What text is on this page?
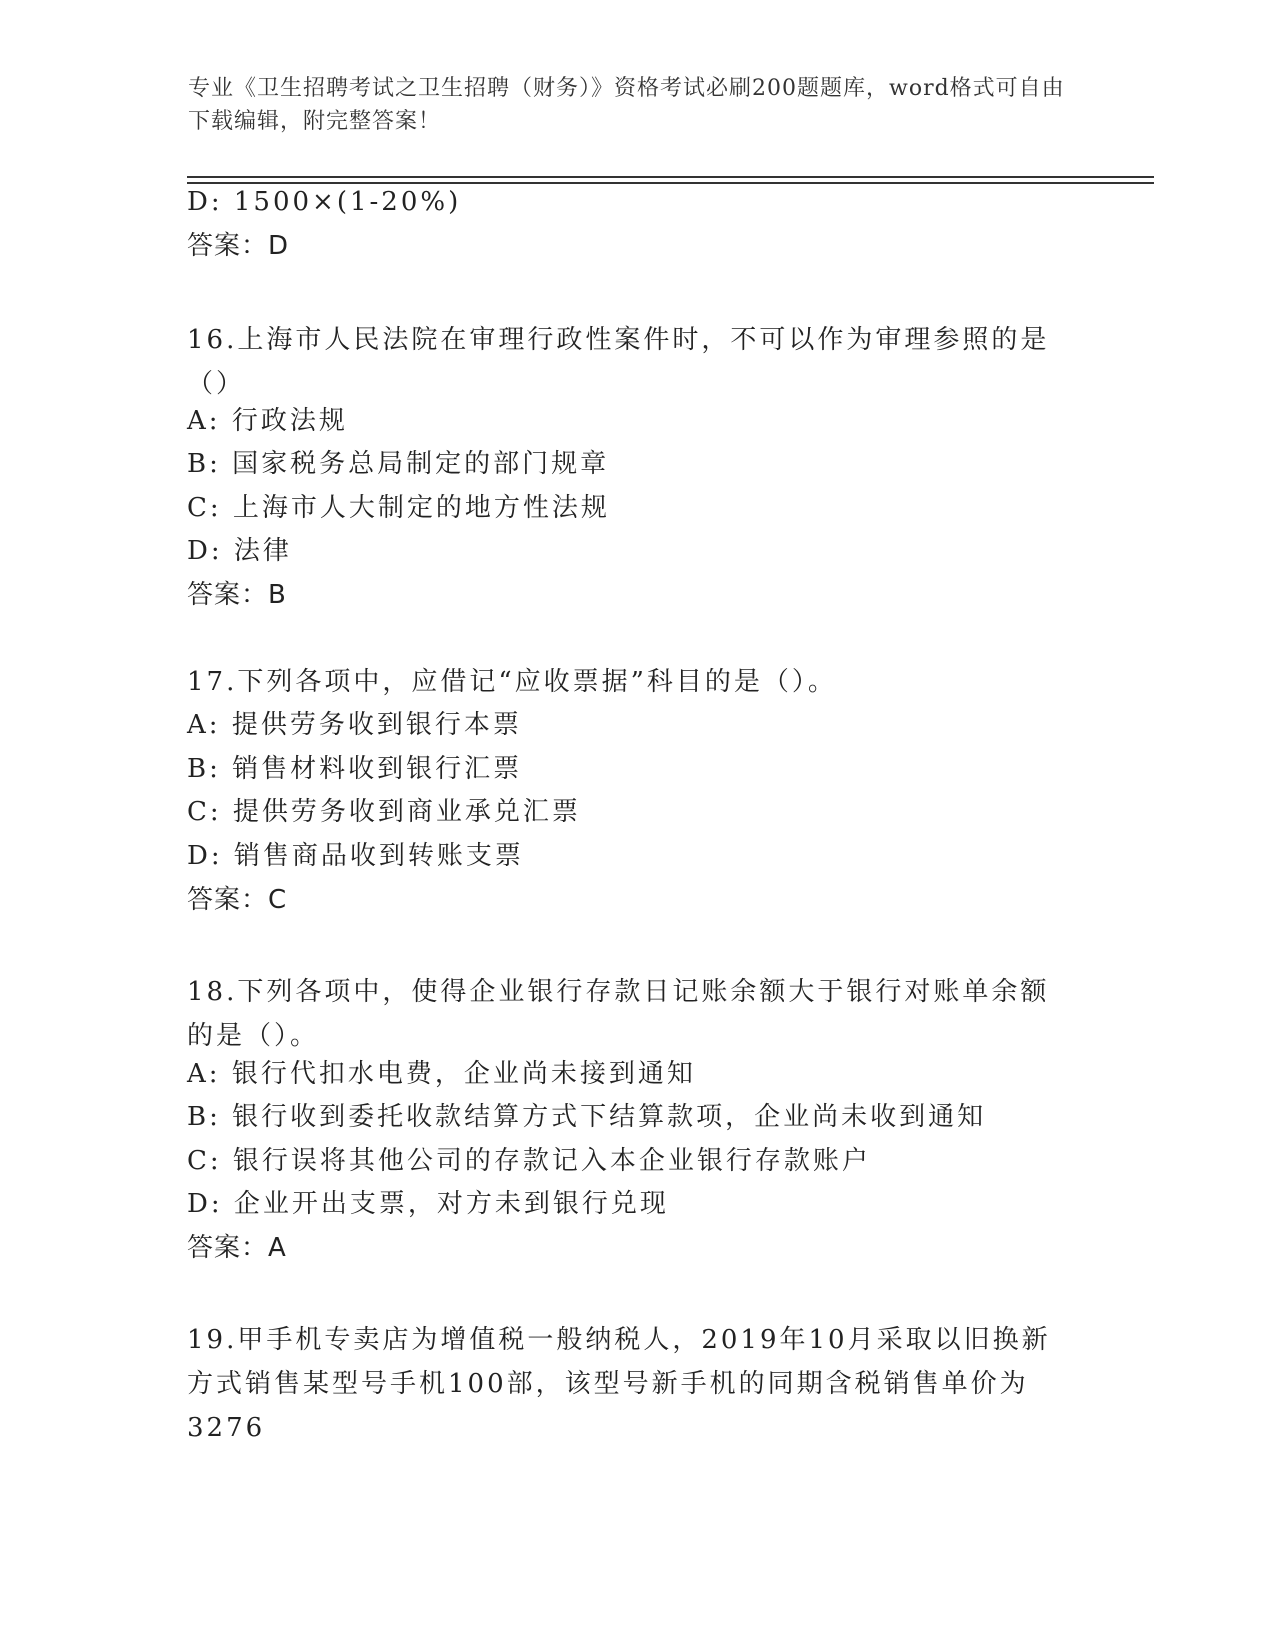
专业《卫生招聘考试之卫生招聘（财务）》资格考试必刷200题题库，word格式可自由下载编辑，附完整答案！
D: 1500×(1-20%)
答案：D
16.上海市人民法院在审理行政性案件时，不可以作为审理参照的是（）
A: 行政法规
B: 国家税务总局制定的部门规章
C: 上海市人大制定的地方性法规
D: 法律
答案：B
17.下列各项中，应借记“应收票据”科目的是（）。
A: 提供劳务收到银行本票
B: 销售材料收到银行汇票
C: 提供劳务收到商业承兑汇票
D: 销售商品收到转账支票
答案：C
18.下列各项中，使得企业银行存款日记账余额大于银行对账单余额的是（）。
A: 银行代扣水电费，企业尚未接到通知
B: 银行收到委托收款结算方式下结算款项，企业尚未收到通知
C: 银行误将其他公司的存款记入本企业银行存款账户
D: 企业开出支票，对方未到银行兑现
答案：A
19.甲手机专卖店为增值税一般纳税人，2019年10月采取以旧换新方式销售某型号手机100部，该型号新手机的同期含税销售单价为3276
